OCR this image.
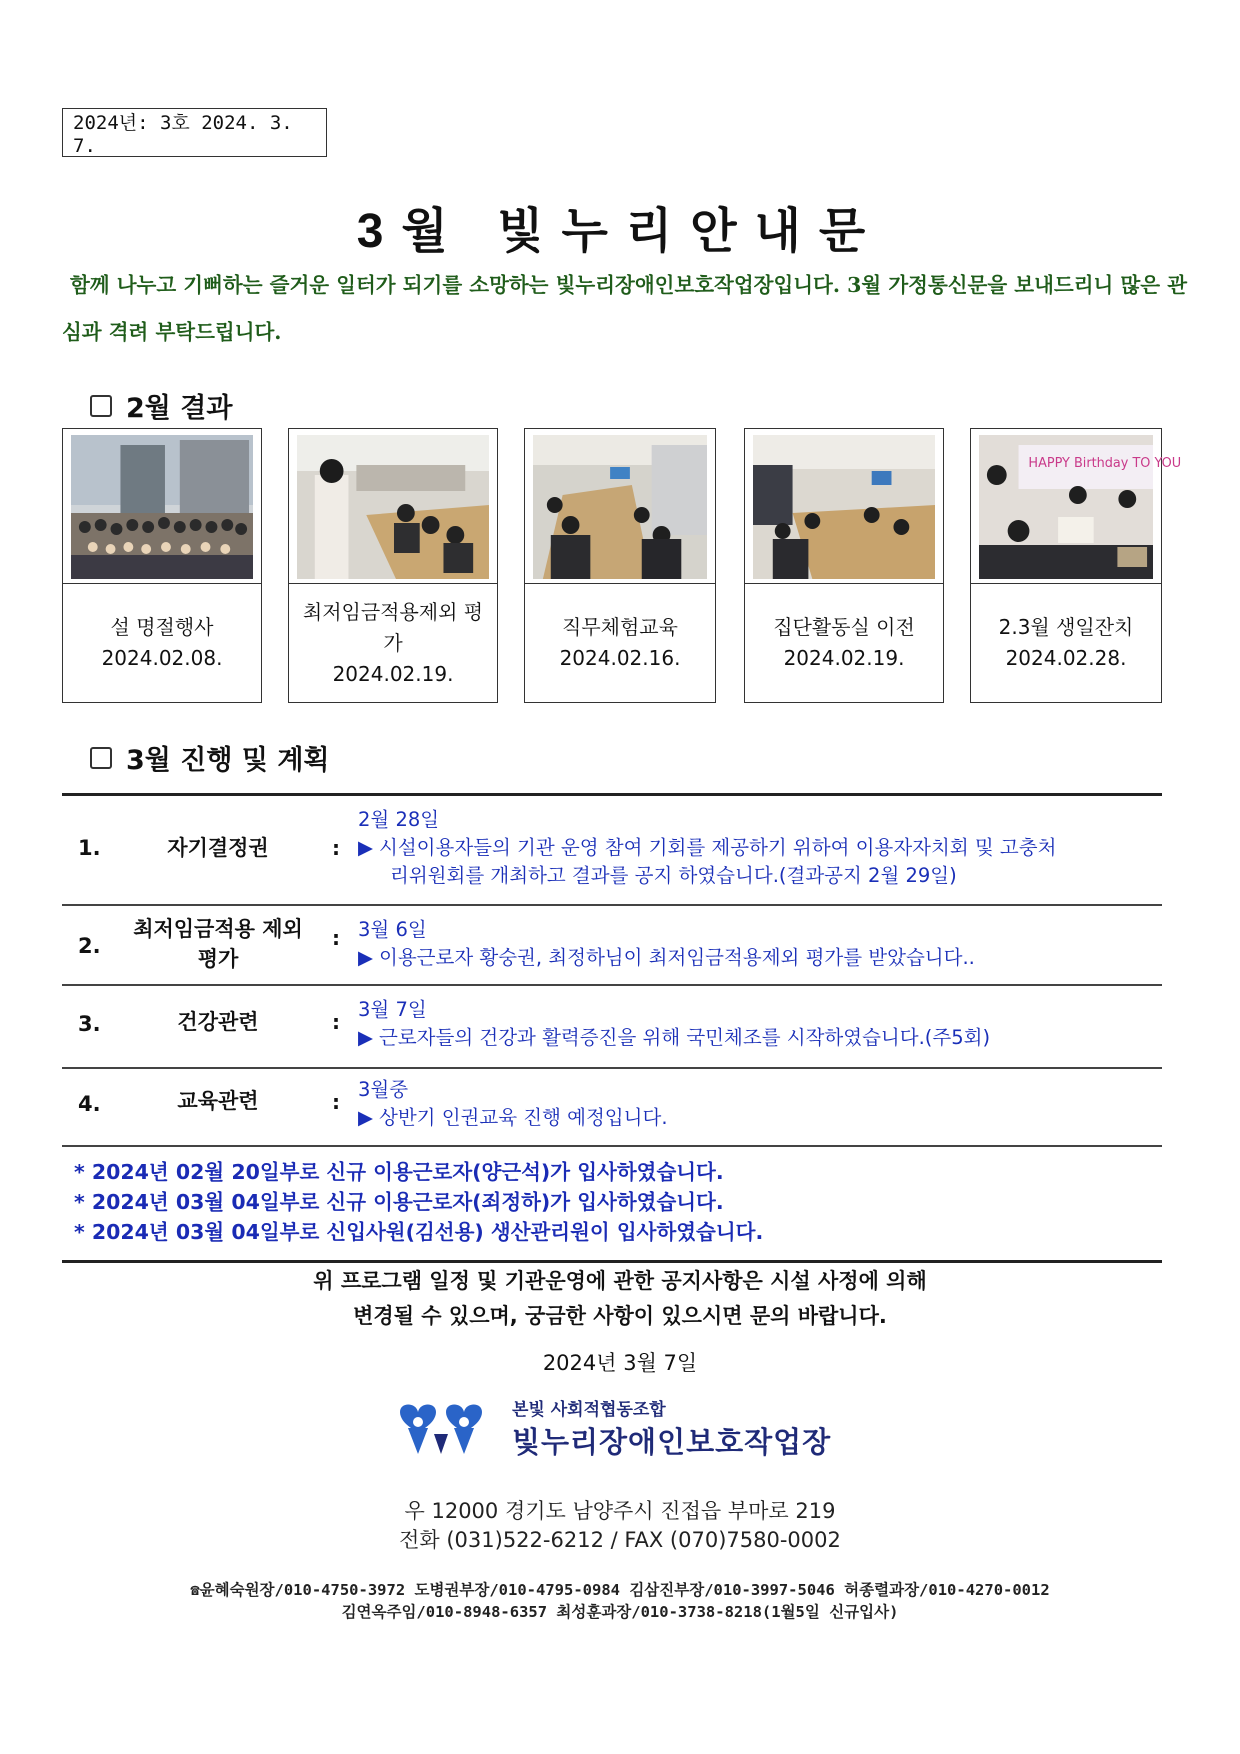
2024년: 3호 2024. 3. 7.
3월 빛누리안내문
함께 나누고 기뻐하는 즐거운 일터가 되기를 소망하는 빛누리장애인보호작업장입니다. 3월 가정통신문을 보내드리니 많은 관심과 격려 부탁드립니다.
2월 결과
설 명절행사
2024.02.08.
최저임금적용제외 평가
2024.02.19.
직무체험교육
2024.02.16.
집단활동실 이전
2024.02.19.
HAPPY Birthday TO YOU
2.3월 생일잔치
2024.02.28.
3월 진행 및 계획
1.	자기결정권	:
2월 28일
▶ 시설이용자들의 기관 운영 참여 기회를 제공하기 위하여 이용자자치회 및 고충처
리위원회를 개최하고 결과를 공지 하였습니다.(결과공지 2월 29일)
2.
최저임금적용 제외평가
: 3월 6일
▶ 이용근로자 황숭권, 최정하님이 최저임금적용제외 평가를 받았습니다..
3.	건강관련	:
3월 7일
▶ 근로자들의 건강과 활력증진을 위해 국민체조를 시작하였습니다.(주5회)
4.	교육관련	:
3월중
▶ 상반기 인권교육 진행 예정입니다.
* 2024년 02월 20일부로 신규 이용근로자(양근석)가 입사하였습니다.
* 2024년 03월 04일부로 신규 이용근로자(죄정하)가 입사하였습니다.
* 2024년 03월 04일부로 신입사원(김선용) 생산관리원이 입사하였습니다.
위 프로그램 일정 및 기관운영에 관한 공지사항은 시설 사정에 의해
변경될 수 있으며, 궁금한 사항이 있으시면 문의 바랍니다.
2024년 3월 7일
본빛 사회적협동조합
빛누리장애인보호작업장
우 12000 경기도 남양주시 진접읍 부마로 219
전화 (031)522-6212 / FAX (070)7580-0002
☎윤혜숙원장/010-4750-3972 도병권부장/010-4795-0984 김삼진부장/010-3997-5046 허종렬과장/010-4270-0012
김연옥주임/010-8948-6357 최성훈과장/010-3738-8218(1월5일 신규입사)
